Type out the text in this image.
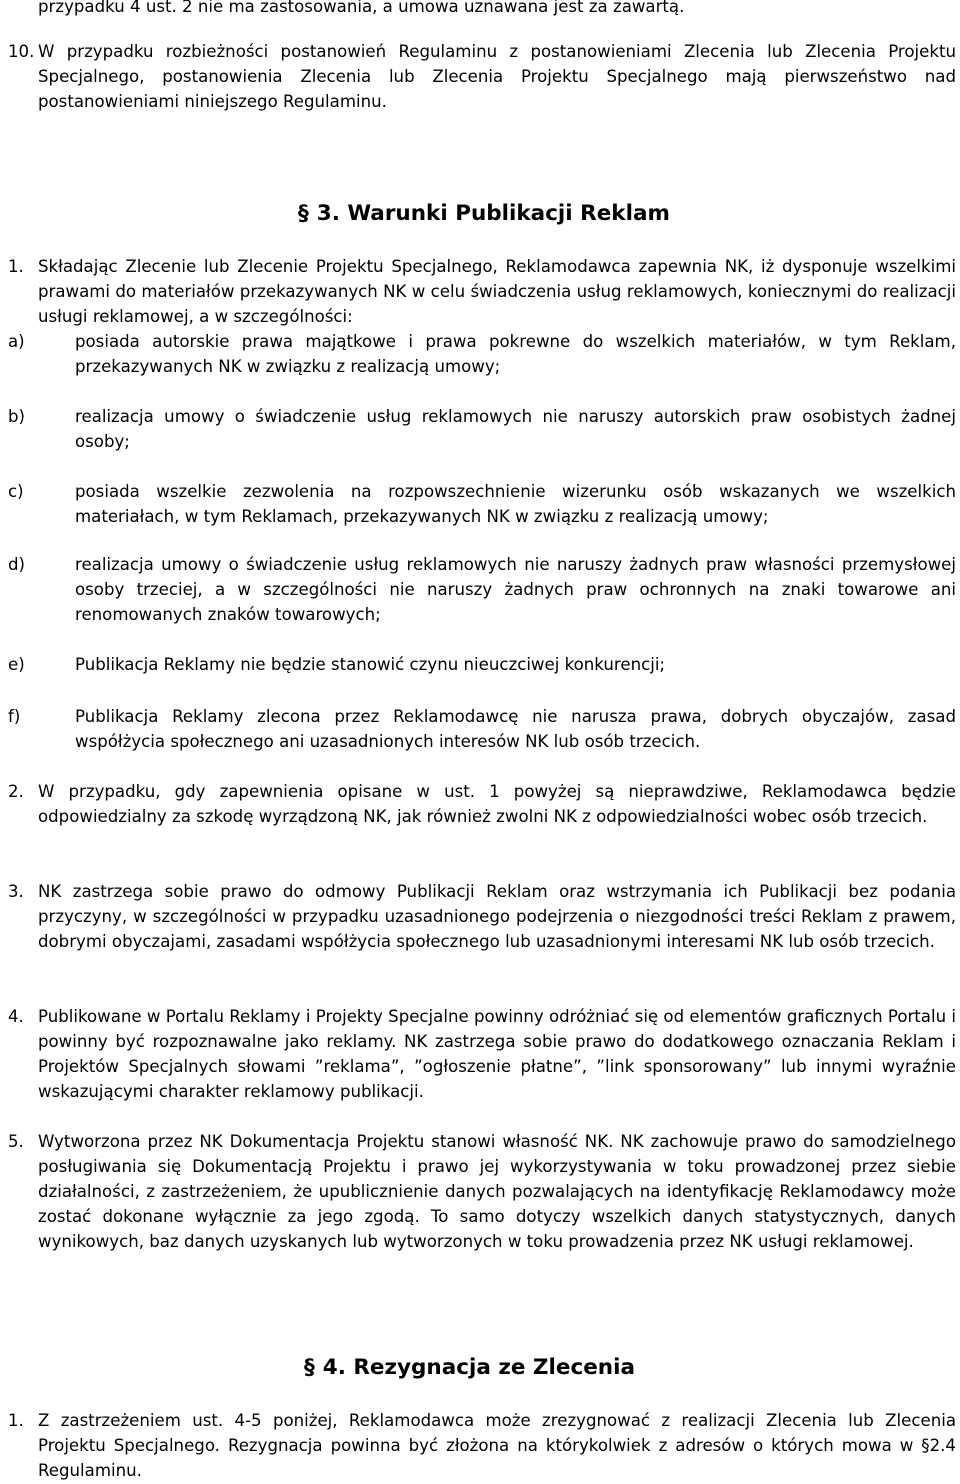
przypadku 4 ust. 2 nie ma zastosowania, a umowa uznawana jest za zawartą.

10. W przypadku rozbieżności postanowień Regulaminu z postanowieniami Zlecenia lub Zlecenia Projektu Specjalnego, postanowienia Zlecenia lub Zlecenia Projektu Specjalnego mają pierwszeństwo nad postanowieniami niniejszego Regulaminu.

§ 3. Warunki Publikacji Reklam

1. Składając Zlecenie lub Zlecenie Projektu Specjalnego, Reklamodawca zapewnia NK, iż dysponuje wszelkimi prawami do materiałów przekazywanych NK w celu świadczenia usług reklamowych, koniecznymi do realizacji usługi reklamowej, a w szczególności:

a)	posiada autorskie prawa majątkowe i prawa pokrewne do wszelkich materiałów, w tym Reklam, przekazywanych NK w związku z realizacją umowy;

b)	realizacja umowy o świadczenie usług reklamowych nie naruszy autorskich praw osobistych żadnej osoby;

c)	posiada wszelkie zezwolenia na rozpowszechnienie wizerunku osób wskazanych we wszelkich materiałach, w tym Reklamach, przekazywanych NK w związku z realizacją umowy;

d)	realizacja umowy o świadczenie usług reklamowych nie naruszy żadnych praw własności przemysłowej osoby trzeciej, a w szczególności nie naruszy żadnych praw ochronnych na znaki towarowe ani renomowanych znaków towarowych;

e)	Publikacja Reklamy nie będzie stanowić czynu nieuczciwej konkurencji;

f)	Publikacja Reklamy zlecona przez Reklamodawcę nie narusza prawa, dobrych obyczajów, zasad współżycia społecznego ani uzasadnionych interesów NK lub osób trzecich.

2. W przypadku, gdy zapewnienia opisane w ust. 1 powyżej są nieprawdziwe, Reklamodawca będzie odpowiedzialny za szkodę wyrządzoną NK, jak również zwolni NK z odpowiedzialności wobec osób trzecich.

3. NK zastrzega sobie prawo do odmowy Publikacji Reklam oraz wstrzymania ich Publikacji bez podania przyczyny, w szczególności w przypadku uzasadnionego podejrzenia o niezgodności treści Reklam z prawem, dobrymi obyczajami, zasadami współżycia społecznego lub uzasadnionymi interesami NK lub osób trzecich.

4. Publikowane w Portalu Reklamy i Projekty Specjalne powinny odróżniać się od elementów graficznych Portalu i powinny być rozpoznawalne jako reklamy. NK zastrzega sobie prawo do dodatkowego oznaczania Reklam i Projektów Specjalnych słowami ”reklama”, ”ogłoszenie płatne”, ”link sponsorowany” lub innymi wyraźnie wskazującymi charakter reklamowy publikacji.

5. Wytworzona przez NK Dokumentacja Projektu stanowi własność NK. NK zachowuje prawo do samodzielnego posługiwania się Dokumentacją Projektu i prawo jej wykorzystywania w toku prowadzonej przez siebie działalności, z zastrzeżeniem, że upublicznienie danych pozwalających na identyfikację Reklamodawcy może zostać dokonane wyłącznie za jego zgodą. To samo dotyczy wszelkich danych statystycznych, danych wynikowych, baz danych uzyskanych lub wytworzonych w toku prowadzenia przez NK usługi reklamowej.

§ 4. Rezygnacja ze Zlecenia

1. Z zastrzeżeniem ust. 4-5 poniżej, Reklamodawca może zrezygnować z realizacji Zlecenia lub Zlecenia Projektu Specjalnego. Rezygnacja powinna być złożona na którykolwiek z adresów o których mowa w §2.4 Regulaminu.
